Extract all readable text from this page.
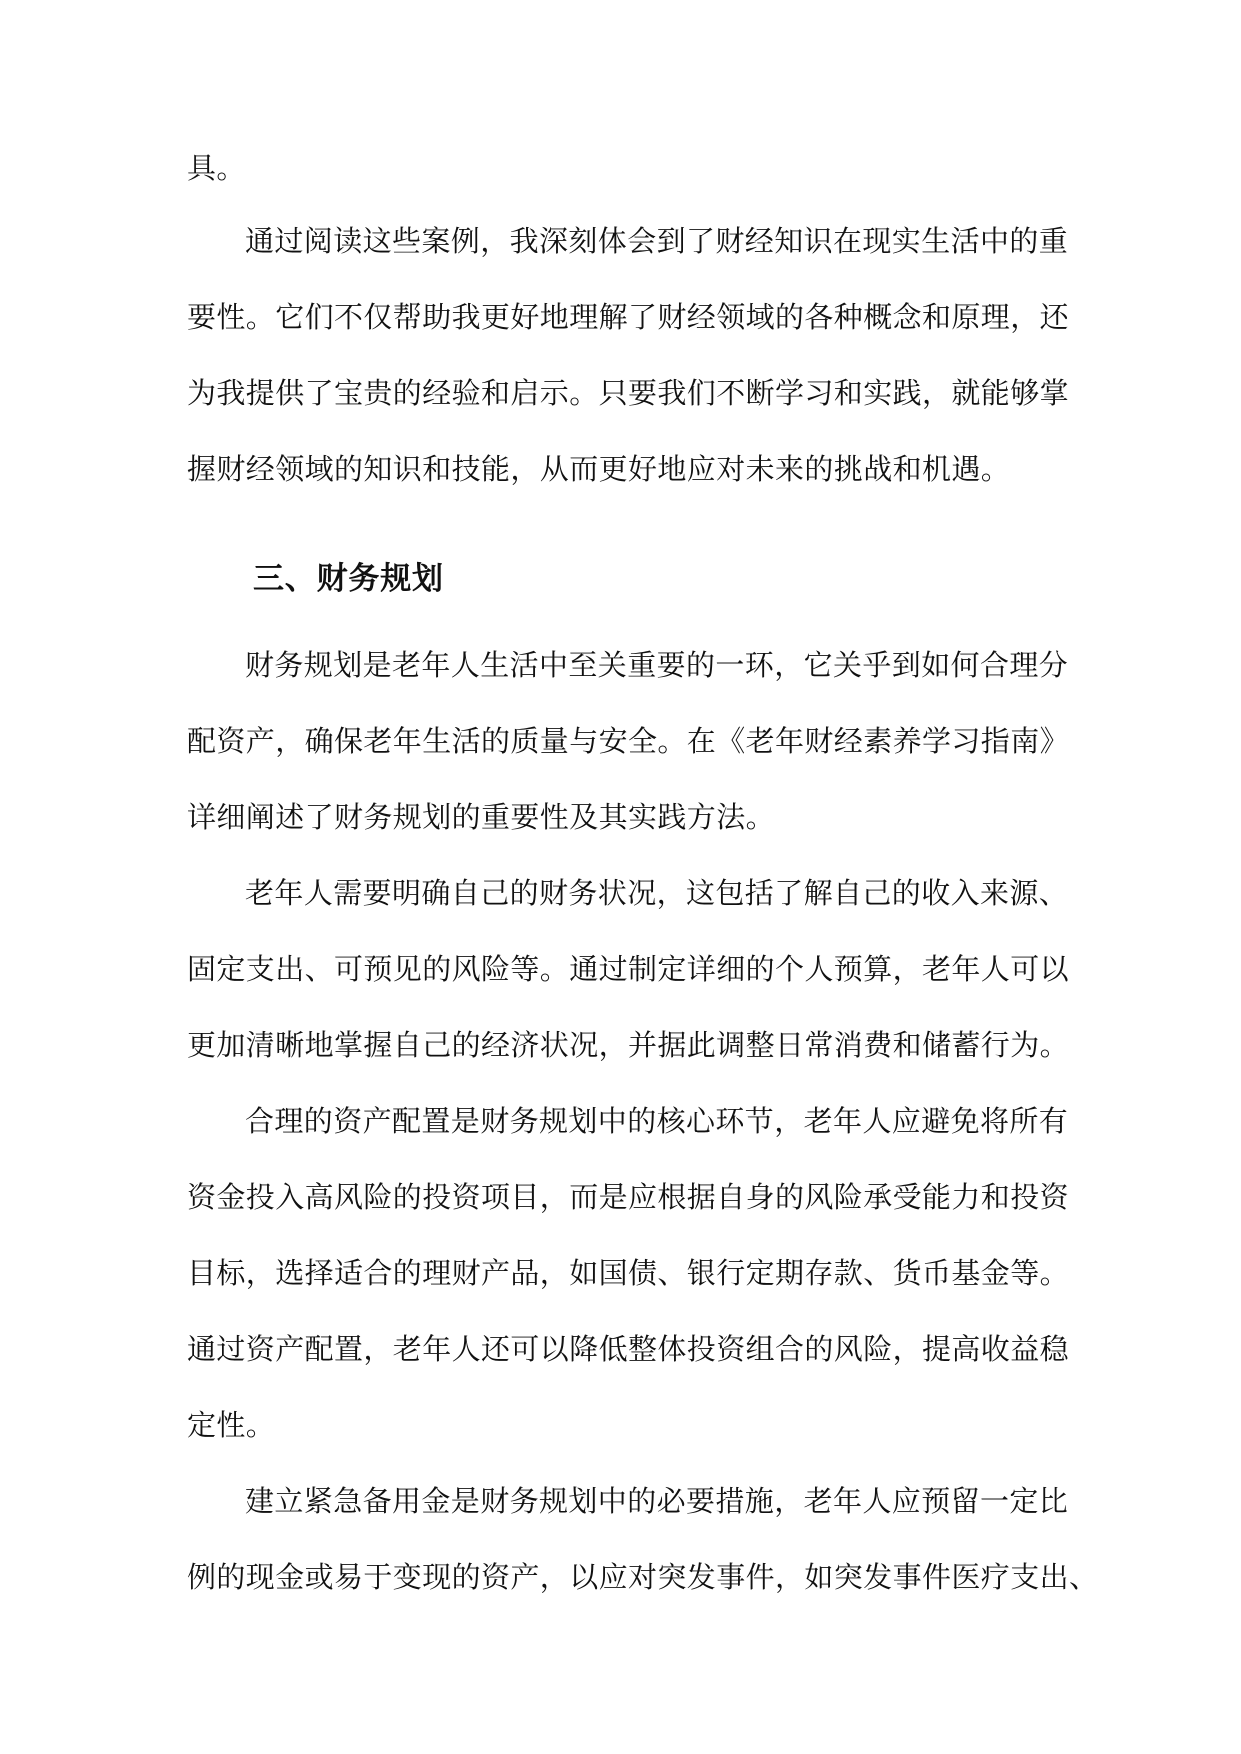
具。
通过阅读这些案例，我深刻体会到了财经知识在现实生活中的重
要性。它们不仅帮助我更好地理解了财经领域的各种概念和原理，还
为我提供了宝贵的经验和启示。只要我们不断学习和实践，就能够掌
握财经领域的知识和技能，从而更好地应对未来的挑战和机遇。
三、财务规划
财务规划是老年人生活中至关重要的一环，它关乎到如何合理分
配资产，确保老年生活的质量与安全。在《老年财经素养学习指南》
详细阐述了财务规划的重要性及其实践方法。
老年人需要明确自己的财务状况，这包括了解自己的收入来源、
固定支出、可预见的风险等。通过制定详细的个人预算，老年人可以
更加清晰地掌握自己的经济状况，并据此调整日常消费和储蓄行为。
合理的资产配置是财务规划中的核心环节，老年人应避免将所有
资金投入高风险的投资项目，而是应根据自身的风险承受能力和投资
目标，选择适合的理财产品，如国债、银行定期存款、货币基金等。
通过资产配置，老年人还可以降低整体投资组合的风险，提高收益稳
定性。
建立紧急备用金是财务规划中的必要措施，老年人应预留一定比
例的现金或易于变现的资产，以应对突发事件，如突发事件医疗支出、
